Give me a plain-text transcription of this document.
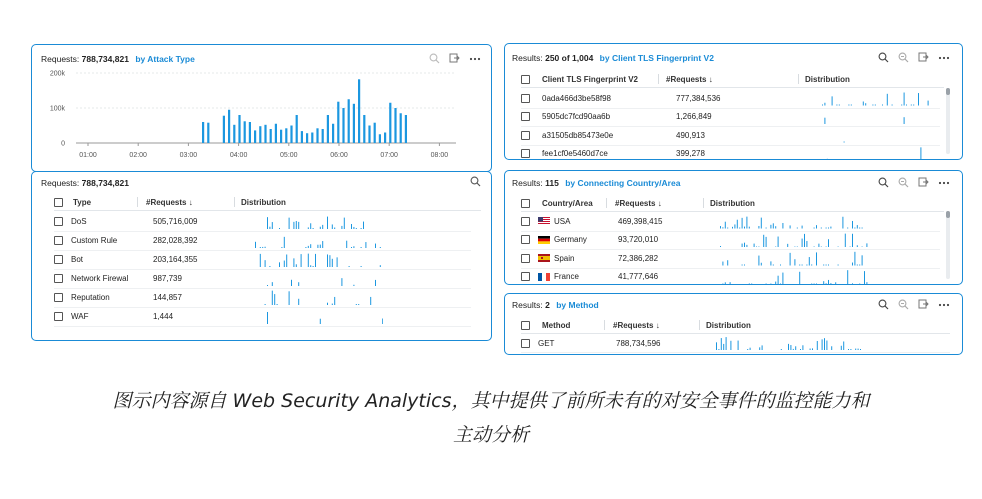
Requests: 788,734,821 by Attack Type
200k
100k
0
01:00	02:00	03:00	04:00	05:00	06:00	07:00	08:00
Requests: 788,734,821
Type	#Requests ↓	Distribution
DoS	505,716,009
Custom Rule	282,028,392
Bot	203,164,355
Network Firewal	987,739
Reputation	144,857
WAF	1,444
Results: 250 of 1,004 by Client TLS Fingerprint V2
Client TLS Fingerprint V2	#Requests ↓	Distribution
0ada466d3be58f98	777,384,536
5905dc7fcd90aa6b	1,266,849
a31505db85473e0e	490,913
fee1cf0e5460d7ce	399,278
Results: 115 by Connecting Country/Area
Country/Area	#Requests ↓	Distribution
USA	469,398,415
Germany	93,720,010
Spain	72,386,282
France	41,777,646
Results: 2 by Method
Method	#Requests ↓	Distribution
GET	788,734,596
图示内容源自 Web Security Analytics，其中提供了前所未有的对安全事件的监控能力和
主动分析
